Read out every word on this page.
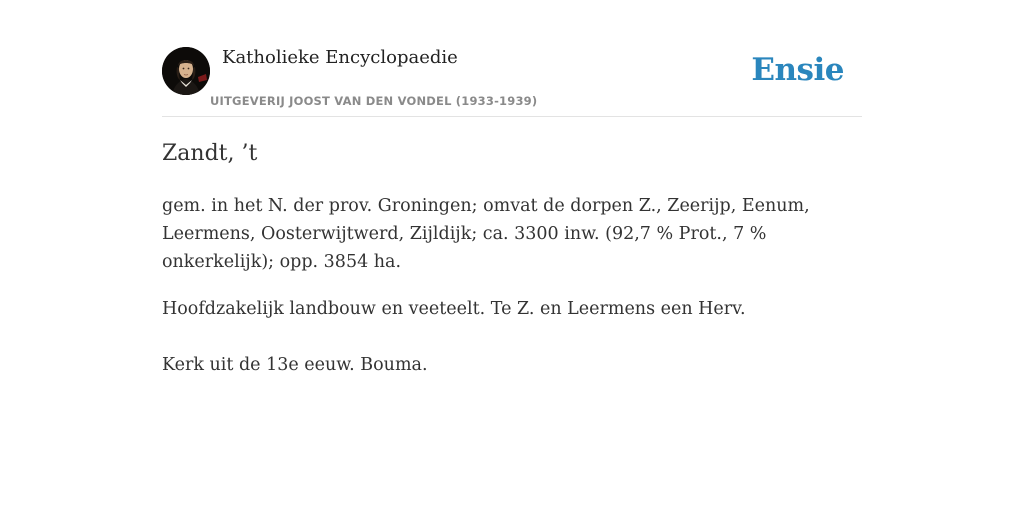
Katholieke Encyclopaedie
UITGEVERIJ JOOST VAN DEN VONDEL (1933-1939)
Ensie
Zandt, ’t

gem. in het N. der prov. Groningen; omvat de dorpen Z., Zeerijp, Eenum, Leermens, Oosterwijtwerd, Zijldijk; ca. 3300 inw. (92,7 % Prot., 7 % onkerkelijk); opp. 3854 ha.

Hoofdzakelijk landbouw en veeteelt. Te Z. en Leermens een Herv.

Kerk uit de 13e eeuw. Bouma.
